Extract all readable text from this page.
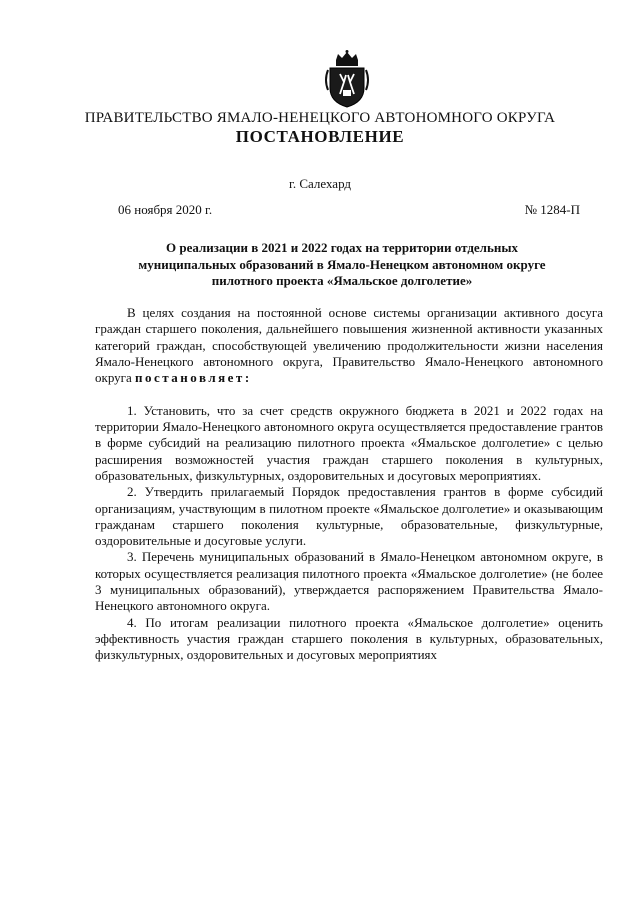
ПРАВИТЕЛЬСТВО ЯМАЛО-НЕНЕЦКОГО АВТОНОМНОГО ОКРУГА
ПОСТАНОВЛЕНИЕ
г. Салехард
06 ноября 2020 г.	№ 1284-П
О реализации в 2021 и 2022 годах на территории отдельных муниципальных образований в Ямало-Ненецком автономном округе пилотного проекта «Ямальское долголетие»

В целях создания на постоянной основе системы организации активного досуга граждан старшего поколения, дальнейшего повышения жизненной активности указанных категорий граждан, способствующей увеличению продолжительности жизни населения Ямало-Ненецкого автономного округа, Правительство Ямало-Ненецкого автономного округа постановляет:

1. Установить, что за счет средств окружного бюджета в 2021 и 2022 годах на территории Ямало-Ненецкого автономного округа осуществляется предоставление грантов в форме субсидий на реализацию пилотного проекта «Ямальское долголетие» с целью расширения возможностей участия граждан старшего поколения в культурных, образовательных, физкультурных, оздоровительных и досуговых мероприятиях.

2. Утвердить прилагаемый Порядок предоставления грантов в форме субсидий организациям, участвующим в пилотном проекте «Ямальское долголетие» и оказывающим гражданам старшего поколения культурные, образовательные, физкультурные, оздоровительные и досуговые услуги.

3. Перечень муниципальных образований в Ямало-Ненецком автономном округе, в которых осуществляется реализация пилотного проекта «Ямальское долголетие» (не более 3 муниципальных образований), утверждается распоряжением Правительства Ямало-Ненецкого автономного округа.

4. По итогам реализации пилотного проекта «Ямальское долголетие» оценить эффективность участия граждан старшего поколения в культурных, образовательных, физкультурных, оздоровительных и досуговых мероприятиях
